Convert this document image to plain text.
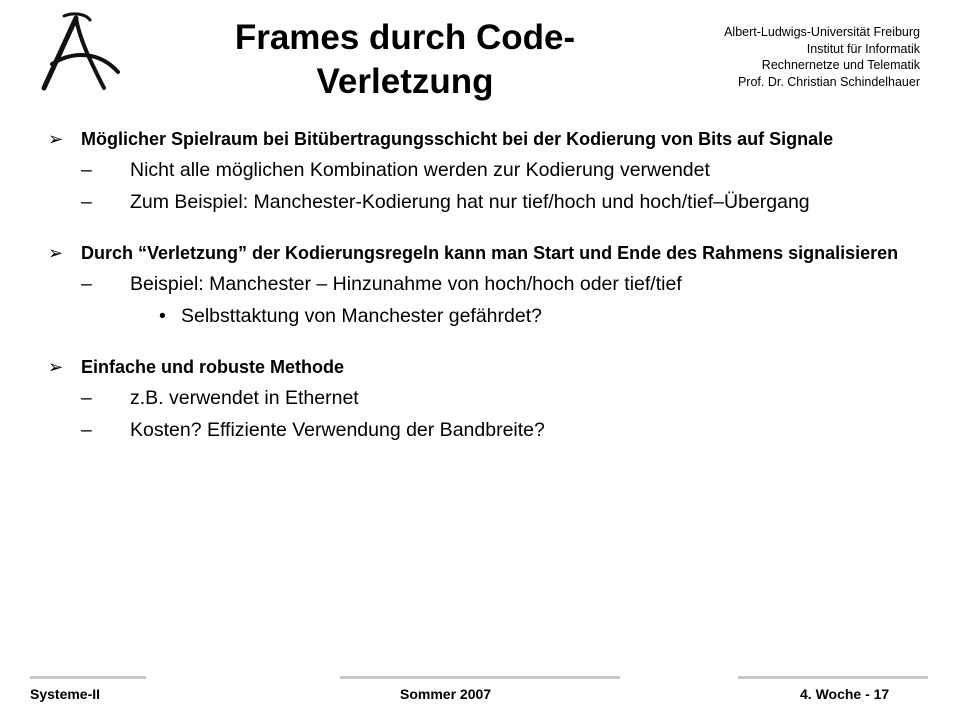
Frames durch Code-
Verletzung
Albert-Ludwigs-Universität Freiburg
Institut für Informatik
Rechnernetze und Telematik
Prof. Dr. Christian Schindelhauer
➢ Möglicher Spielraum bei Bitübertragungsschicht bei der Kodierung von Bits auf Signale
–	Nicht alle möglichen Kombination werden zur Kodierung verwendet
–	Zum Beispiel: Manchester-Kodierung hat nur tief/hoch und hoch/tief–Übergang
➢ Durch “Verletzung” der Kodierungsregeln kann man Start und Ende des Rahmens signalisieren
–	Beispiel: Manchester – Hinzunahme von hoch/hoch oder tief/tief
• Selbsttaktung von Manchester gefährdet?
➢ Einfache und robuste Methode
–	z.B. verwendet in Ethernet
–	Kosten? Effiziente Verwendung der Bandbreite?
Systeme-II	Sommer 2007	4. Woche - 17
